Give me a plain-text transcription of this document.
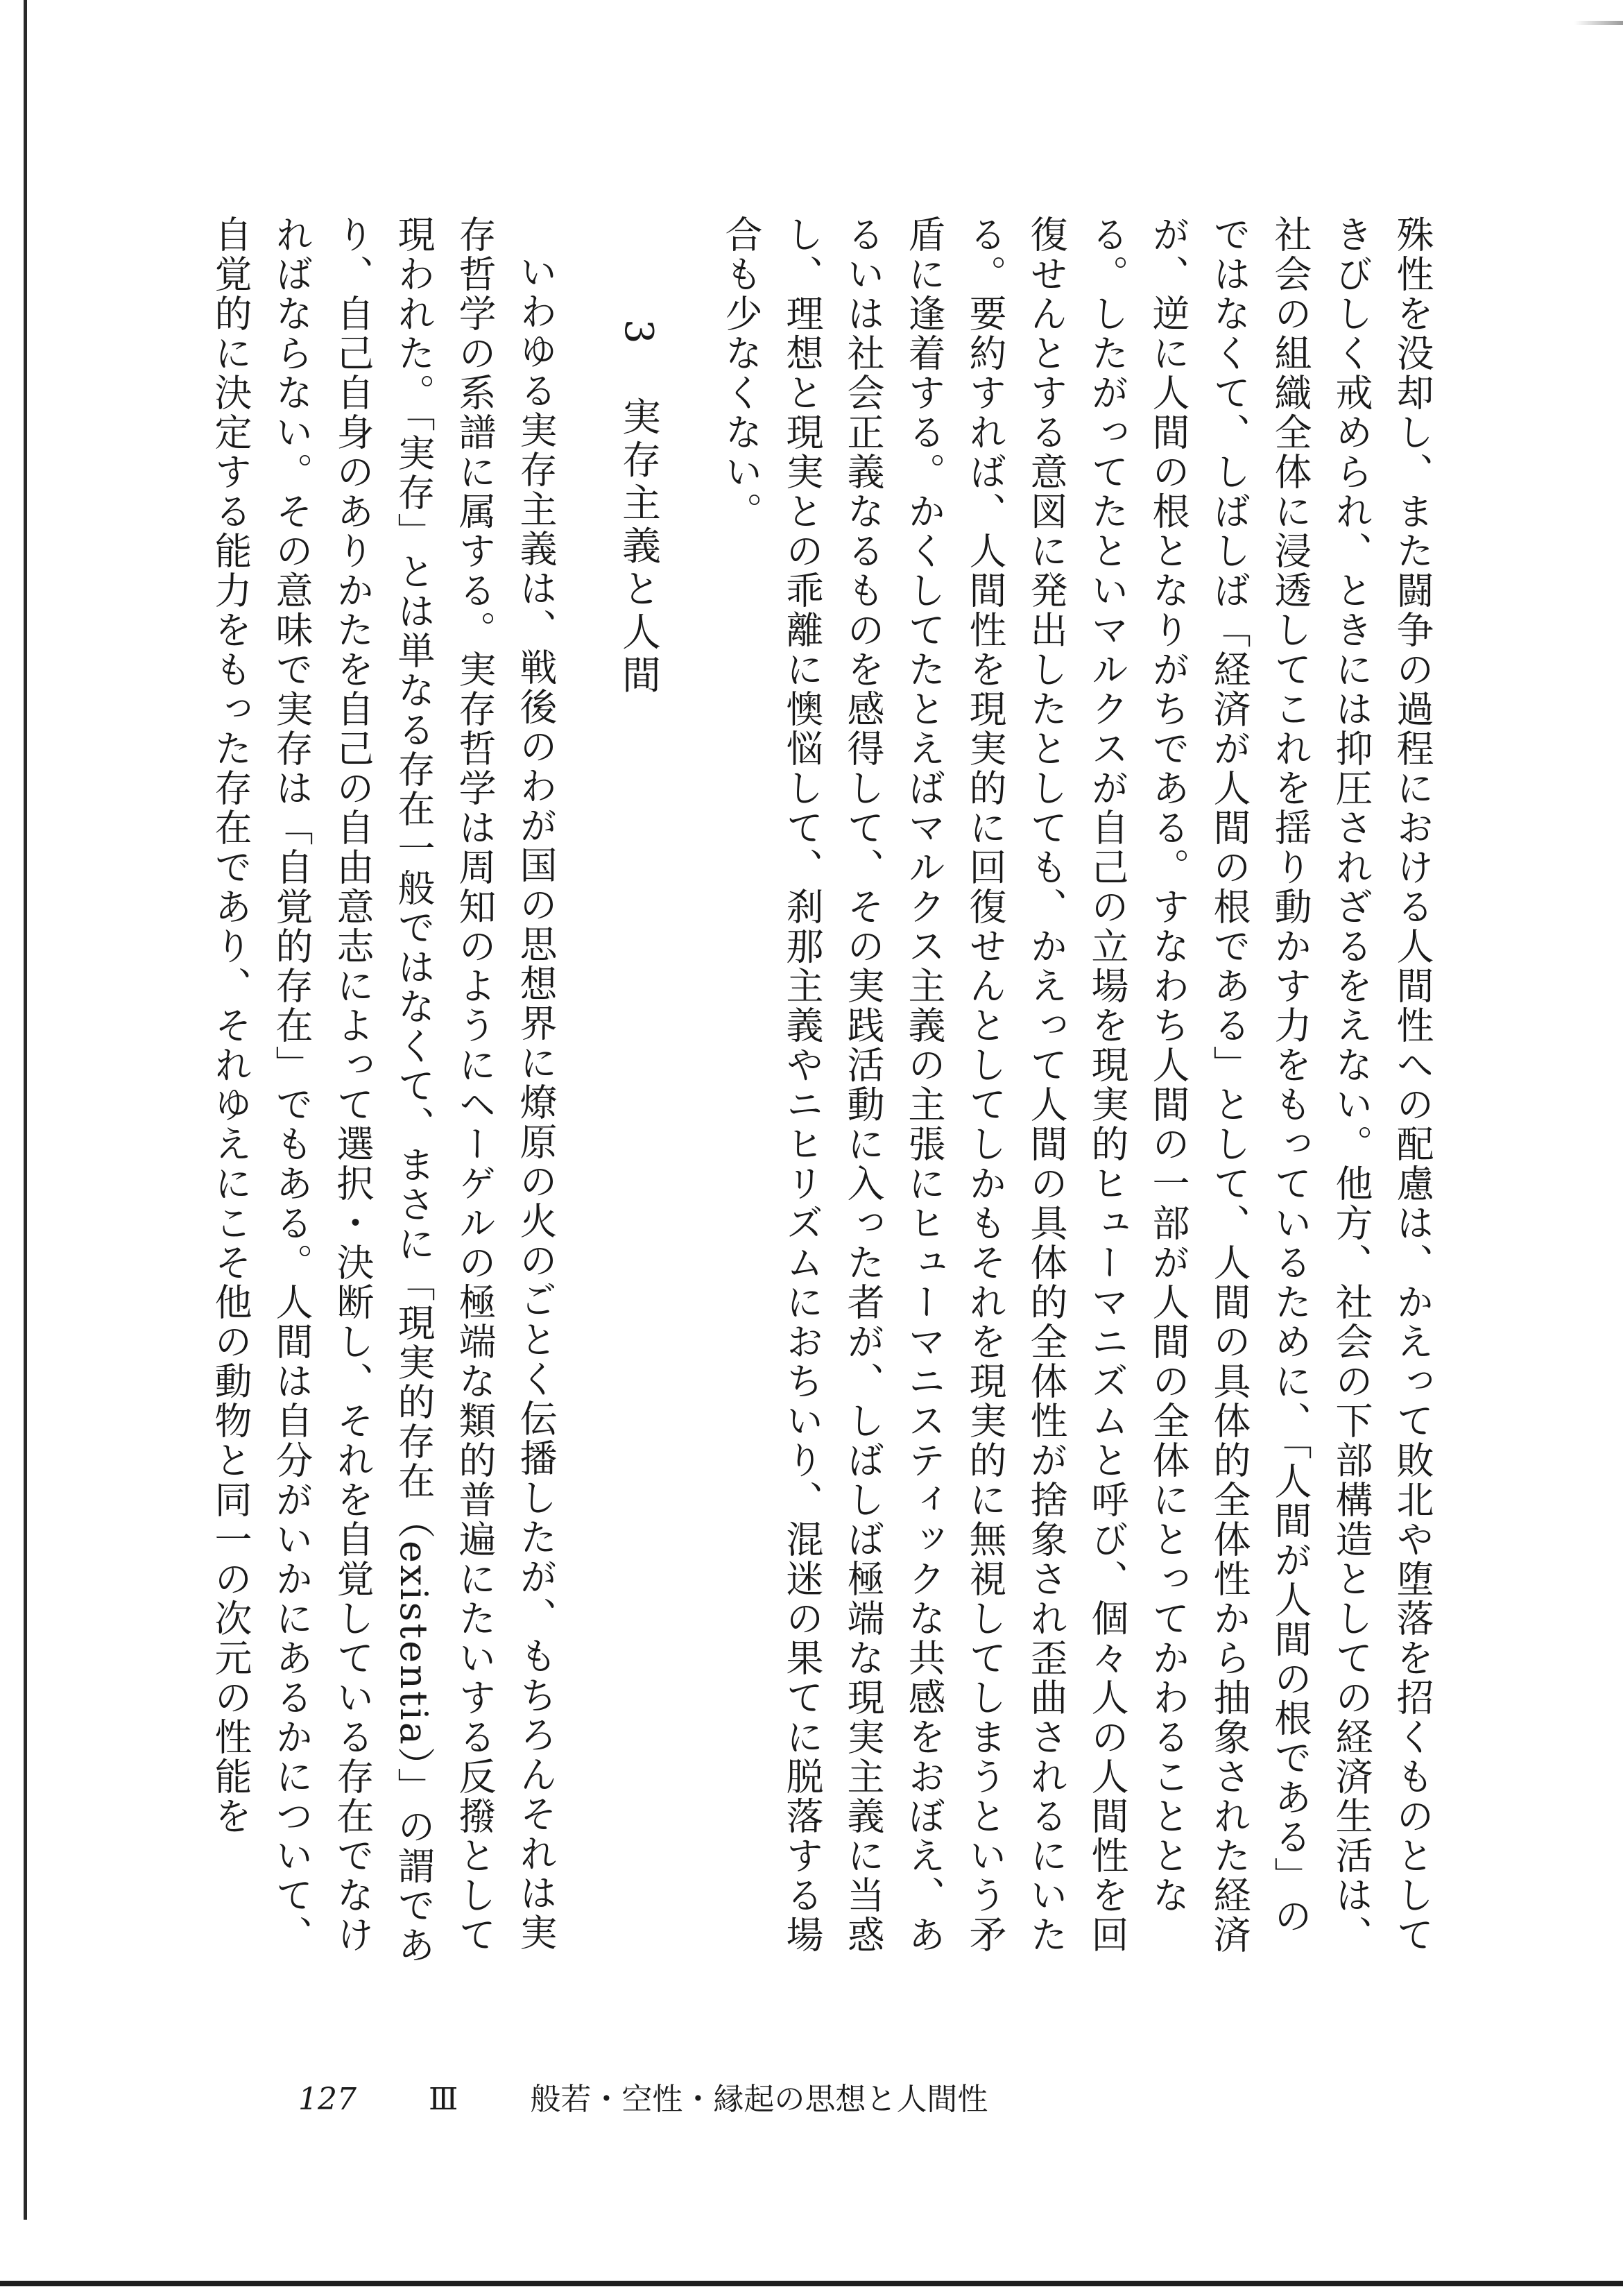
殊性を没却し、また闘争の過程における人間性への配慮は、かえって敗北や堕落を招くものとしてきびしく戒められ、ときには抑圧されざるをえない。他方、社会の下部構造としての経済生活は、社会の組織全体に浸透してこれを揺り動かす力をもっているために、「人間が人間の根である」のではなくて、しばしば「経済が人間の根である」として、人間の具体的全体性から抽象された経済が、逆に人間の根となりがちである。すなわち人間の一部が人間の全体にとってかわることとなる。したがってたといマルクスが自己の立場を現実的ヒューマニズムと呼び、個々人の人間性を回復せんとする意図に発出したとしても、かえって人間の具体的全体性が捨象され歪曲されるにいたる。要約すれば、人間性を現実的に回復せんとしてしかもそれを現実的に無視してしまうという矛盾に逢着する。かくしてたとえばマルクス主義の主張にヒューマニスティックな共感をおぼえ、あるいは社会正義なるものを感得して、その実践活動に入った者が、しばしば極端な現実主義に当惑し、理想と現実との乖離に懊悩して、刹那主義やニヒリズムにおちいり、混迷の果てに脱落する場合も少なくない。

3実存主義と人間

いわゆる実存主義は、戦後のわが国の思想界に燎原の火のごとく伝播したが、もちろんそれは実存哲学の系譜に属する。実存哲学は周知のようにヘーゲルの極端な類的普遍にたいする反撥として現われた。「実存」とは単なる存在一般ではなくて、まさに「現実的存在（existentia）」の謂であり、自己自身のありかたを自己の自由意志によって選択・決断し、それを自覚している存在でなければならない。その意味で実存は「自覚的存在」でもある。人間は自分がいかにあるかについて、自覚的に決定する能力をもった存在であり、それゆえにこそ他の動物と同一の次元の性能を

127 Ⅲ 般若・空性・縁起の思想と人間性
